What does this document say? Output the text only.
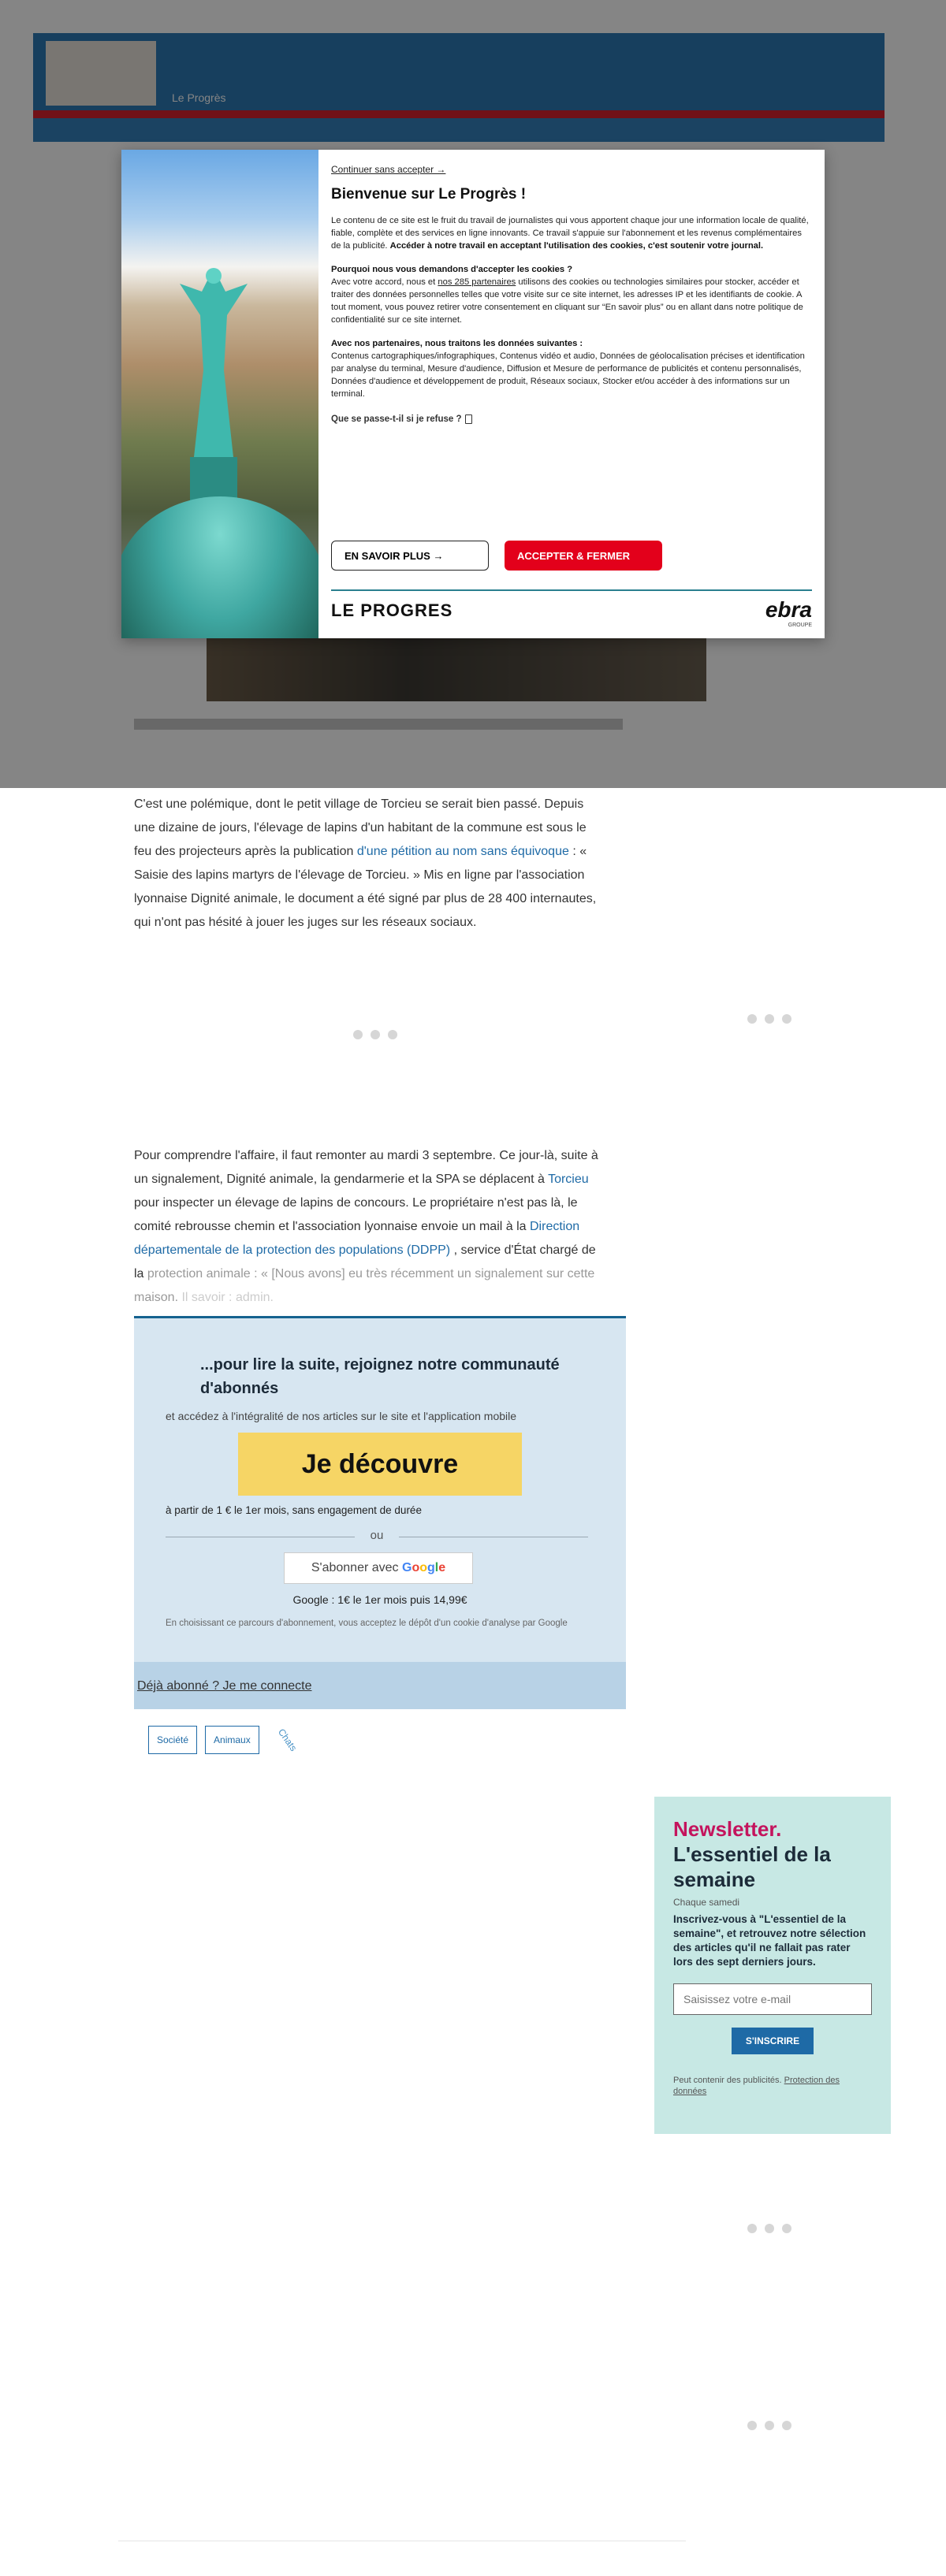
Le Progrès
Continuer sans accepter →
Bienvenue sur Le Progrès !

Le contenu de ce site est le fruit du travail de journalistes qui vous apportent chaque jour une information locale de qualité, fiable, complète et des services en ligne innovants. Ce travail s'appuie sur l'abonnement et les revenus complémentaires de la publicité. Accéder à notre travail en acceptant l'utilisation des cookies, c'est soutenir votre journal.

Pourquoi nous vous demandons d'accepter les cookies ?
Avec votre accord, nous et nos 285 partenaires utilisons des cookies ou technologies similaires pour stocker, accéder et traiter des données personnelles telles que votre visite sur ce site internet, les adresses IP et les identifiants de cookie. A tout moment, vous pouvez retirer votre consentement en cliquant sur “En savoir plus” ou en allant dans notre politique de confidentialité sur ce site internet.

Avec nos partenaires, nous traitons les données suivantes :
Contenus cartographiques/infographiques, Contenus vidéo et audio, Données de géolocalisation précises et identification par analyse du terminal, Mesure d'audience, Diffusion et Mesure de performance de publicités et contenu personnalisés, Données d'audience et développement de produit, Réseaux sociaux, Stocker et/ou accéder à des informations sur un terminal.

Que se passe-t-il si je refuse ?
EN SAVOIR PLUS →	ACCEPTER & FERMER
LE PROGRES	ebra
GROUPE

C'est une polémique, dont le petit village de Torcieu se serait bien passé. Depuis une dizaine de jours, l'élevage de lapins d'un habitant de la commune est sous le feu des projecteurs après la publication d'une pétition au nom sans équivoque : « Saisie des lapins martyrs de l'élevage de Torcieu. » Mis en ligne par l'association lyonnaise Dignité animale, le document a été signé par plus de 28 400 internautes, qui n'ont pas hésité à jouer les juges sur les réseaux sociaux.

Pour comprendre l'affaire, il faut remonter au mardi 3 septembre. Ce jour-là, suite à un signalement, Dignité animale, la gendarmerie et la SPA se déplacent à Torcieu pour inspecter un élevage de lapins de concours. Le propriétaire n'est pas là, le comité rebrousse chemin et l'association lyonnaise envoie un mail à la Direction départementale de la protection des populations (DDPP) , service d'État chargé de la protection animale : « [Nous avons] eu très récemment un signalement sur cette maison. Il savoir : admin.

...pour lire la suite, rejoignez notre communauté d'abonnés
et accédez à l'intégralité de nos articles sur le site et l'application mobile
Je découvre
à partir de 1 € le 1er mois, sans engagement de durée
ou
S'abonner avec Google
Google : 1€ le 1er mois puis 14,99€
En choisissant ce parcours d'abonnement, vous acceptez le dépôt d'un cookie d'analyse par Google
Déjà abonné ? Je me connecte
Société	Animaux	Chats
Newsletter.
L'essentiel de la semaine
Chaque samedi
Inscrivez-vous à "L'essentiel de la semaine", et retrouvez notre sélection des articles qu'il ne fallait pas rater lors des sept derniers jours.
Saisissez votre e-mail
S'INSCRIRE
Peut contenir des publicités. Protection des données
